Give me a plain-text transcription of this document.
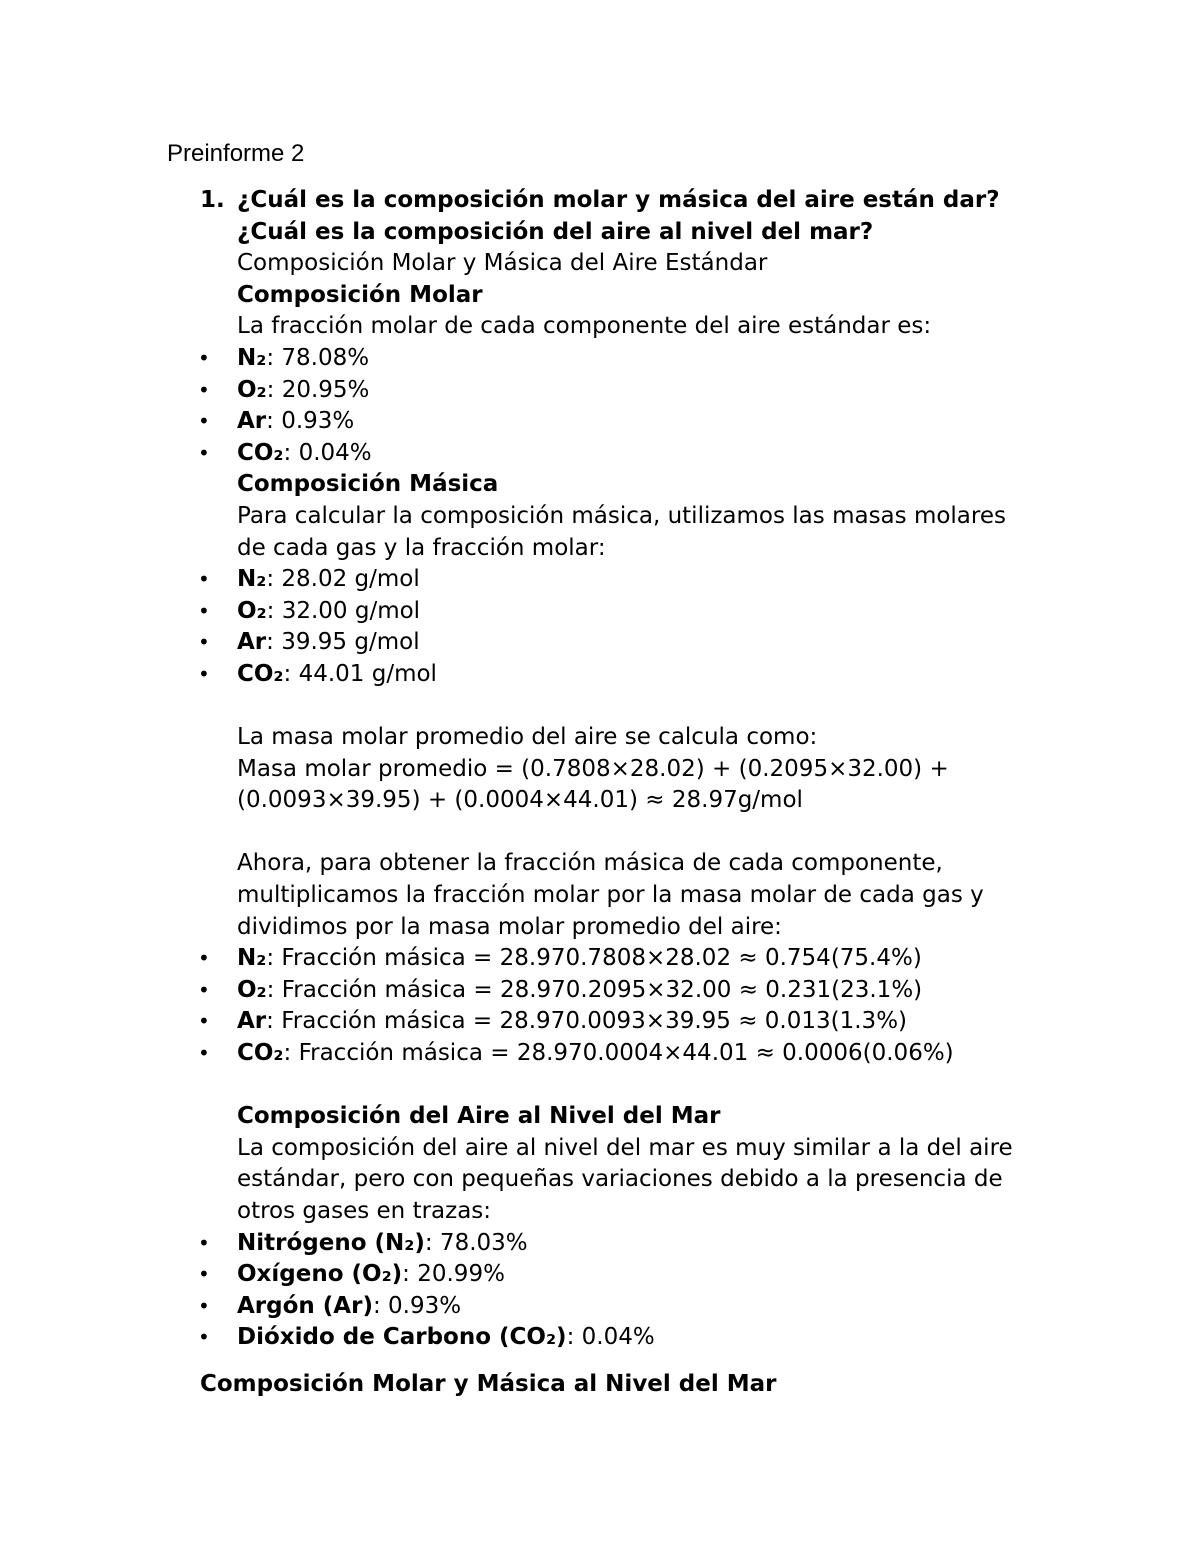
Preinforme 2
1. ¿Cuál es la composición molar y másica del aire están dar?
¿Cuál es la composición del aire al nivel del mar?
Composición Molar y Másica del Aire Estándar
Composición Molar
La fracción molar de cada componente del aire estándar es:
• N₂: 78.08%
• O₂: 20.95%
• Ar: 0.93%
• CO₂: 0.04%
Composición Másica
Para calcular la composición másica, utilizamos las masas molares
de cada gas y la fracción molar:
• N₂: 28.02 g/mol
• O₂: 32.00 g/mol
• Ar: 39.95 g/mol
• CO₂: 44.01 g/mol
La masa molar promedio del aire se calcula como:
Masa molar promedio = (0.7808×28.02) + (0.2095×32.00) +
(0.0093×39.95) + (0.0004×44.01) ≈ 28.97g/mol
Ahora, para obtener la fracción másica de cada componente,
multiplicamos la fracción molar por la masa molar de cada gas y
dividimos por la masa molar promedio del aire:
• N₂: Fracción másica = 28.970.7808×28.02 ≈ 0.754(75.4%)
• O₂: Fracción másica = 28.970.2095×32.00 ≈ 0.231(23.1%)
• Ar: Fracción másica = 28.970.0093×39.95 ≈ 0.013(1.3%)
• CO₂: Fracción másica = 28.970.0004×44.01 ≈ 0.0006(0.06%)
Composición del Aire al Nivel del Mar
La composición del aire al nivel del mar es muy similar a la del aire
estándar, pero con pequeñas variaciones debido a la presencia de
otros gases en trazas:
• Nitrógeno (N₂): 78.03%
• Oxígeno (O₂): 20.99%
• Argón (Ar): 0.93%
• Dióxido de Carbono (CO₂): 0.04%
Composición Molar y Másica al Nivel del Mar
